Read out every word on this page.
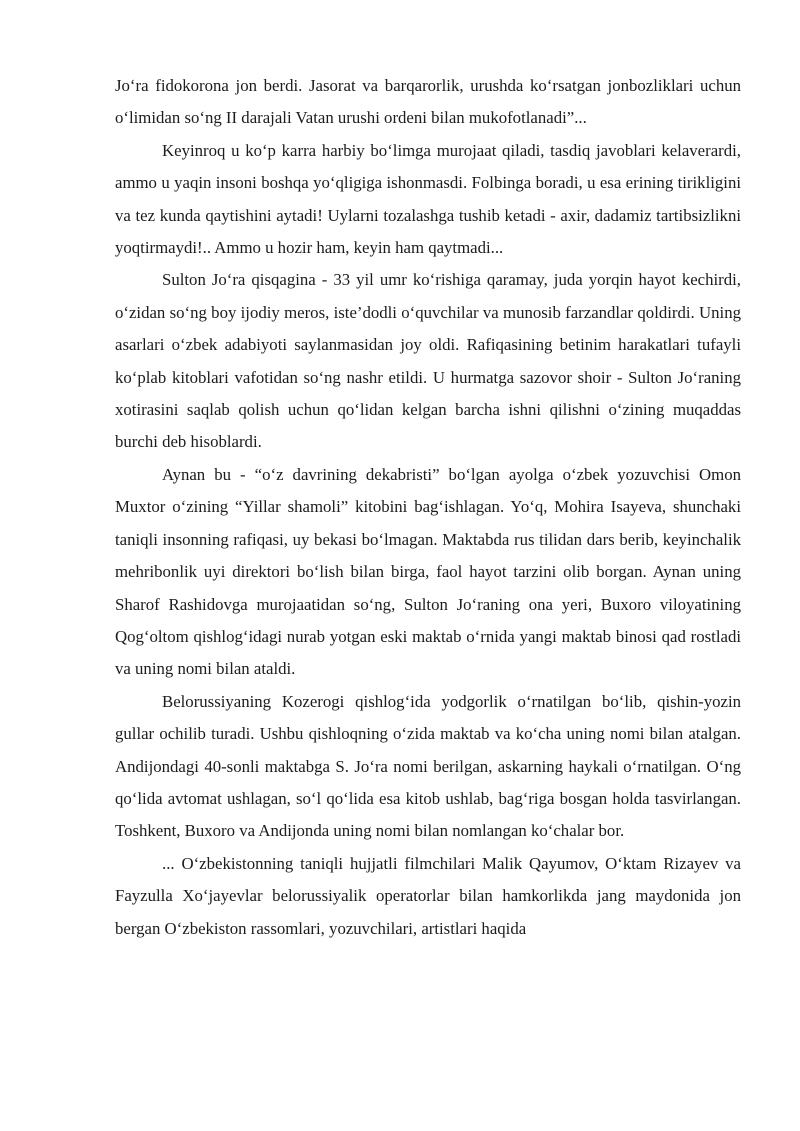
Jo‘ra fidokorona jon berdi. Jasorat va barqarorlik, urushda ko‘rsatgan jonbozliklari uchun o‘limidan so‘ng II darajali Vatan urushi ordeni bilan mukofotlanadi”...

Keyinroq u ko‘p karra harbiy bo‘limga murojaat qiladi, tasdiq javoblari kelaverardi, ammo u yaqin insoni boshqa yo‘qligiga ishonmasdi. Folbinga boradi, u esa erining tirikligini va tez kunda qaytishini aytadi! Uylarni tozalashga tushib ketadi - axir, dadamiz tartibsizlikni yoqtirmaydi!.. Ammo u hozir ham, keyin ham qaytmadi...

Sulton Jo‘ra qisqagina - 33 yil umr ko‘rishiga qaramay, juda yorqin hayot kechirdi, o‘zidan so‘ng boy ijodiy meros, iste’dodli o‘quvchilar va munosib farzandlar qoldirdi. Uning asarlari o‘zbek adabiyoti saylanmasidan joy oldi. Rafiqasining betinim harakatlari tufayli ko‘plab kitoblari vafotidan so‘ng nashr etildi. U hurmatga sazovor shoir - Sulton Jo‘raning xotirasini saqlab qolish uchun qo‘lidan kelgan barcha ishni qilishni o‘zining muqaddas burchi deb hisoblardi.

Aynan bu - “o‘z davrining dekabristi” bo‘lgan ayolga o‘zbek yozuvchisi Omon Muxtor o‘zining “Yillar shamoli” kitobini bag‘ishlagan. Yo‘q, Mohira Isayeva, shunchaki taniqli insonning rafiqasi, uy bekasi bo‘lmagan. Maktabda rus tilidan dars berib, keyinchalik mehribonlik uyi direktori bo‘lish bilan birga, faol hayot tarzini olib borgan. Aynan uning Sharof Rashidovga murojaatidan so‘ng, Sulton Jo‘raning ona yeri, Buxoro viloyatining Qog‘oltom qishlog‘idagi nurab yotgan eski maktab o‘rnida yangi maktab binosi qad rostladi va uning nomi bilan ataldi.

Belorussiyaning Kozerogi qishlog‘ida yodgorlik o‘rnatilgan bo‘lib, qishin-yozin gullar ochilib turadi. Ushbu qishloqning o‘zida maktab va ko‘cha uning nomi bilan atalgan. Andijondagi 40-sonli maktabga S. Jo‘ra nomi berilgan, askarning haykali o‘rnatilgan. O‘ng qo‘lida avtomat ushlagan, so‘l qo‘lida esa kitob ushlab, bag‘riga bosgan holda tasvirlangan. Toshkent, Buxoro va Andijonda uning nomi bilan nomlangan ko‘chalar bor.

... O‘zbekistonning taniqli hujjatli filmchilari Malik Qayumov, O‘ktam Rizayev va Fayzulla Xo‘jayevlar belorussiyalik operatorlar bilan hamkorlikda jang maydonida jon bergan O‘zbekiston rassomlari, yozuvchilari, artistlari haqida
